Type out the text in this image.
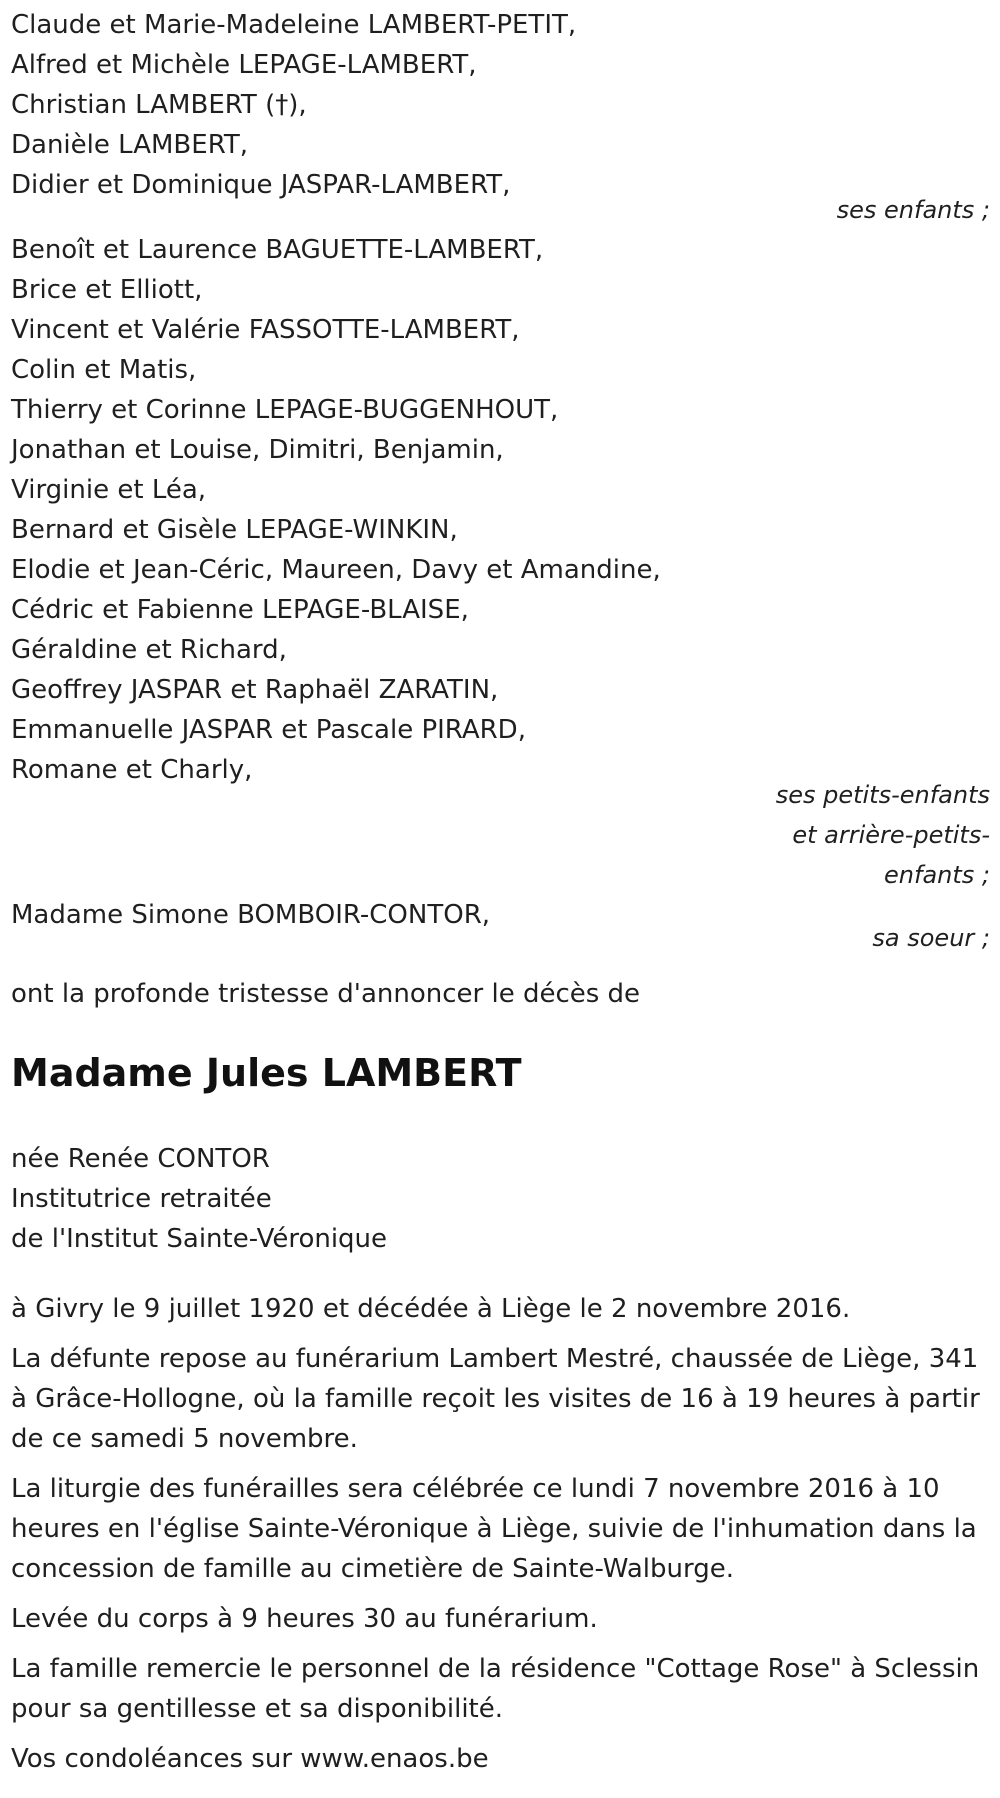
Claude et Marie-Madeleine LAMBERT-PETIT,
Alfred et Michèle LEPAGE-LAMBERT,
Christian LAMBERT (†),
Danièle LAMBERT,
Didier et Dominique JASPAR-LAMBERT,
ses enfants ;
Benoît et Laurence BAGUETTE-LAMBERT,
Brice et Elliott,
Vincent et Valérie FASSOTTE-LAMBERT,
Colin et Matis,
Thierry et Corinne LEPAGE-BUGGENHOUT,
Jonathan et Louise, Dimitri, Benjamin,
Virginie et Léa,
Bernard et Gisèle LEPAGE-WINKIN,
Elodie et Jean-Céric, Maureen, Davy et Amandine,
Cédric et Fabienne LEPAGE-BLAISE,
Géraldine et Richard,
Geoffrey JASPAR et Raphaël ZARATIN,
Emmanuelle JASPAR et Pascale PIRARD,
Romane et Charly,
ses petits-enfants
et arrière-petits-
enfants ;
Madame Simone BOMBOIR-CONTOR,
sa soeur ;
ont la profonde tristesse d'annoncer le décès de
Madame Jules LAMBERT
née Renée CONTOR
Institutrice retraitée
de l'Institut Sainte-Véronique
à Givry le 9 juillet 1920 et décédée à Liège le 2 novembre 2016.
La défunte repose au funérarium Lambert Mestré, chaussée de Liège, 341 à Grâce-Hollogne, où la famille reçoit les visites de 16 à 19 heures à partir de ce samedi 5 novembre.
La liturgie des funérailles sera célébrée ce lundi 7 novembre 2016 à 10 heures en l'église Sainte-Véronique à Liège, suivie de l'inhumation dans la concession de famille au cimetière de Sainte-Walburge.
Levée du corps à 9 heures 30 au funérarium.
La famille remercie le personnel de la résidence "Cottage Rose" à Sclessin pour sa gentillesse et sa disponibilité.
Vos condoléances sur www.enaos.be
